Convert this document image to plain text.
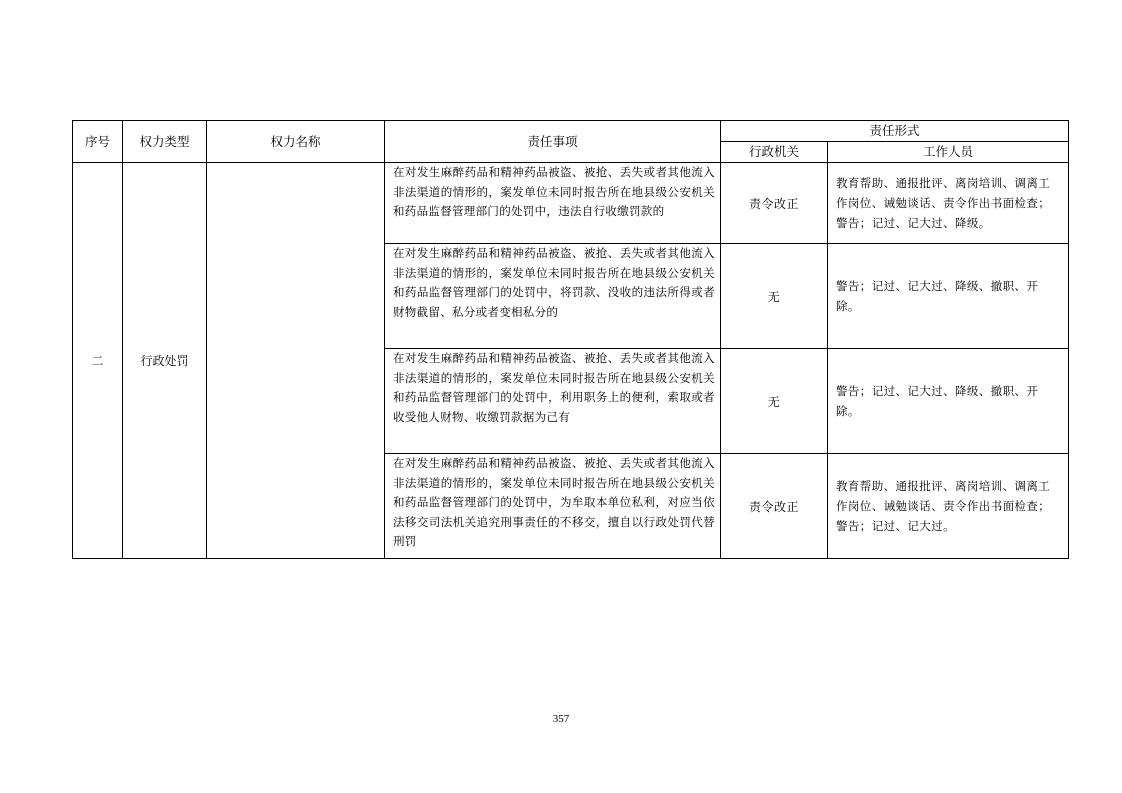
序号	权力类型	权力名称	责任事项	责任形式	
				行政机关	工作人员
二	行政处罚		在对发生麻醉药品和精神药品被盗、被抢、丢失或者其他流入非法渠道的情形的，案发单位未同时报告所在地县级公安机关和药品监督管理部门的处罚中，违法自行收缴罚款的	责令改正	教育帮助、通报批评、离岗培训、调离工作岗位、诫勉谈话、责令作出书面检查；警告；记过、记大过、降级。
			在对发生麻醉药品和精神药品被盗、被抢、丢失或者其他流入非法渠道的情形的，案发单位未同时报告所在地县级公安机关和药品监督管理部门的处罚中，将罚款、没收的违法所得或者财物截留、私分或者变相私分的	无	警告；记过、记大过、降级、撤职、开除。
			在对发生麻醉药品和精神药品被盗、被抢、丢失或者其他流入非法渠道的情形的，案发单位未同时报告所在地县级公安机关和药品监督管理部门的处罚中，利用职务上的便利，索取或者收受他人财物、收缴罚款据为己有	无	警告；记过、记大过、降级、撤职、开除。
			在对发生麻醉药品和精神药品被盗、被抢、丢失或者其他流入非法渠道的情形的，案发单位未同时报告所在地县级公安机关和药品监督管理部门的处罚中，为牟取本单位私利，对应当依法移交司法机关追究刑事责任的不移交，擅自以行政处罚代替刑罚	责令改正	教育帮助、通报批评、离岗培训、调离工作岗位、诫勉谈话、责令作出书面检查；警告；记过、记大过。
357
